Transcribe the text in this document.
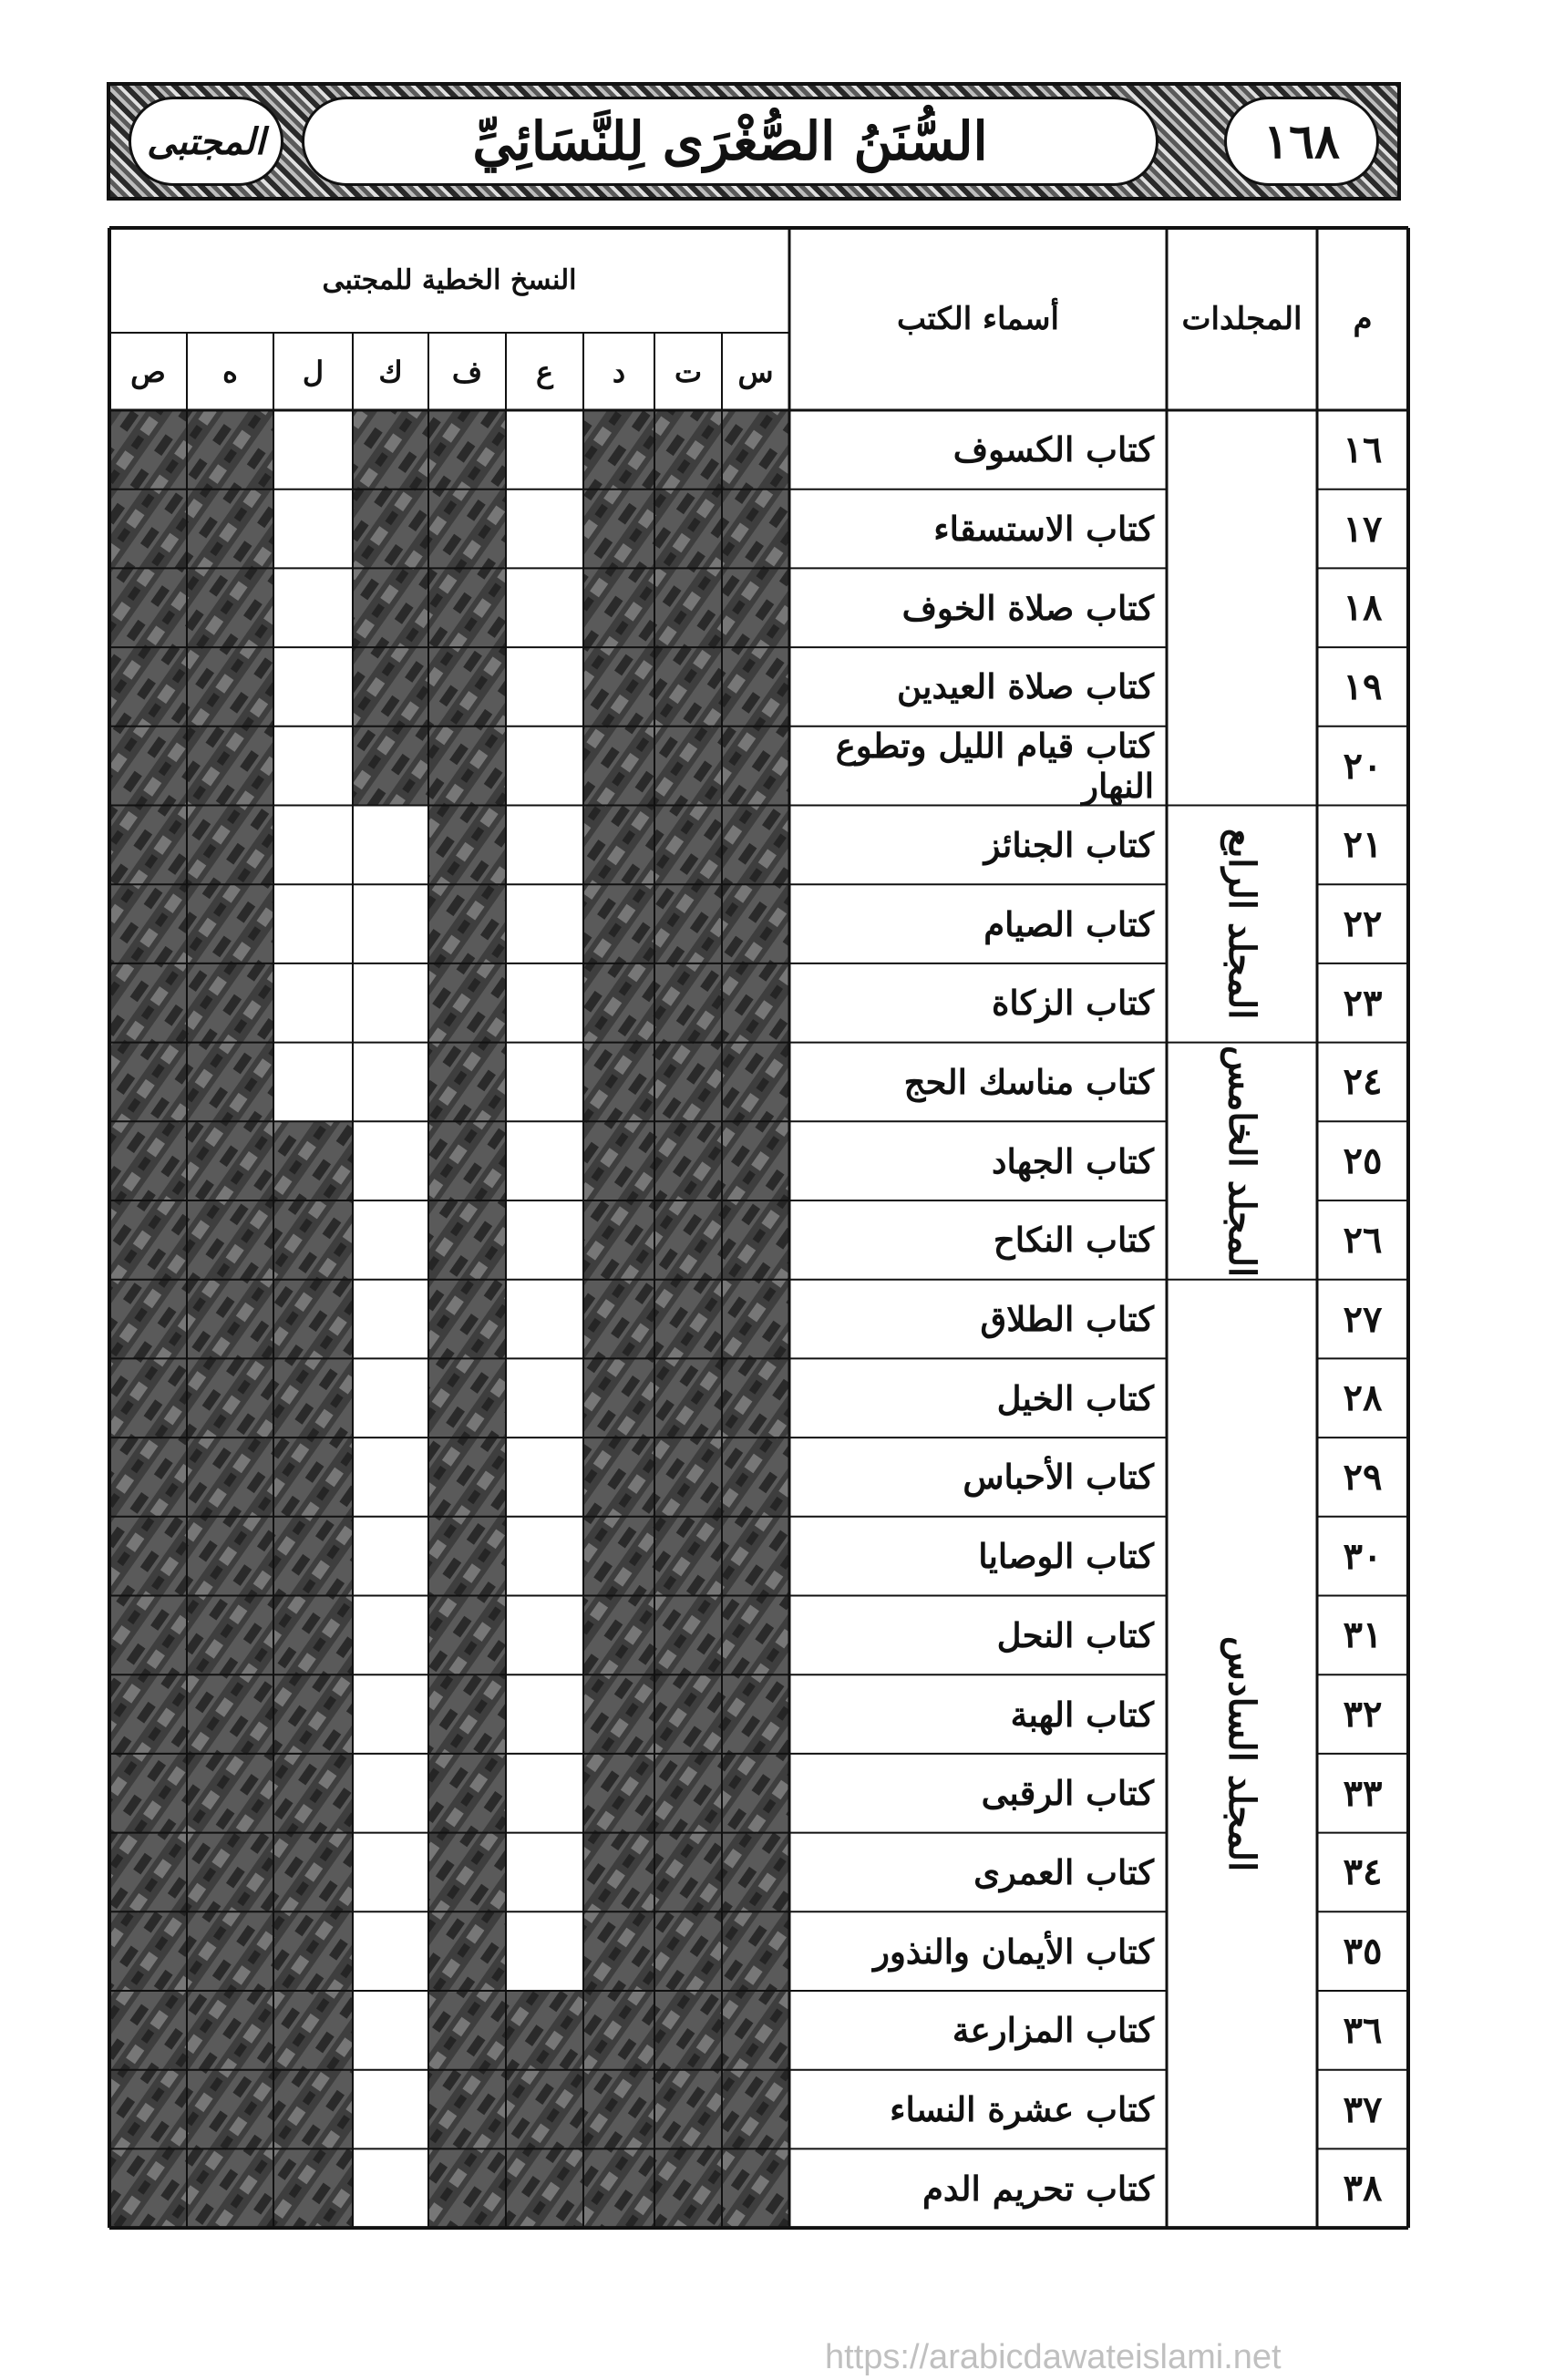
المجتبى	السُّنَنُ الصُّغْرَى لِلنَّسَائِيِّ	١٦٨
المجلد الرابع
المجلد الخامس
المجلد السادس
م
المجلدات
أسماء الكتب
النسخ الخطية للمجتبى
س
ت
د
ع
ف
ك
ل
ه
ص
١٦
كتاب الكسوف
١٧
كتاب الاستسقاء
١٨
كتاب صلاة الخوف
١٩
كتاب صلاة العيدين
٢٠
كتاب قيام الليل وتطوع النهار
٢١
كتاب الجنائز
٢٢
كتاب الصيام
٢٣
كتاب الزكاة
٢٤
كتاب مناسك الحج
٢٥
كتاب الجهاد
٢٦
كتاب النكاح
٢٧
كتاب الطلاق
٢٨
كتاب الخيل
٢٩
كتاب الأحباس
٣٠
كتاب الوصايا
٣١
كتاب النحل
٣٢
كتاب الهبة
٣٣
كتاب الرقبى
٣٤
كتاب العمرى
٣٥
كتاب الأيمان والنذور
٣٦
كتاب المزارعة
٣٧
كتاب عشرة النساء
٣٨
كتاب تحريم الدم
https://arabicdawateislami.net
